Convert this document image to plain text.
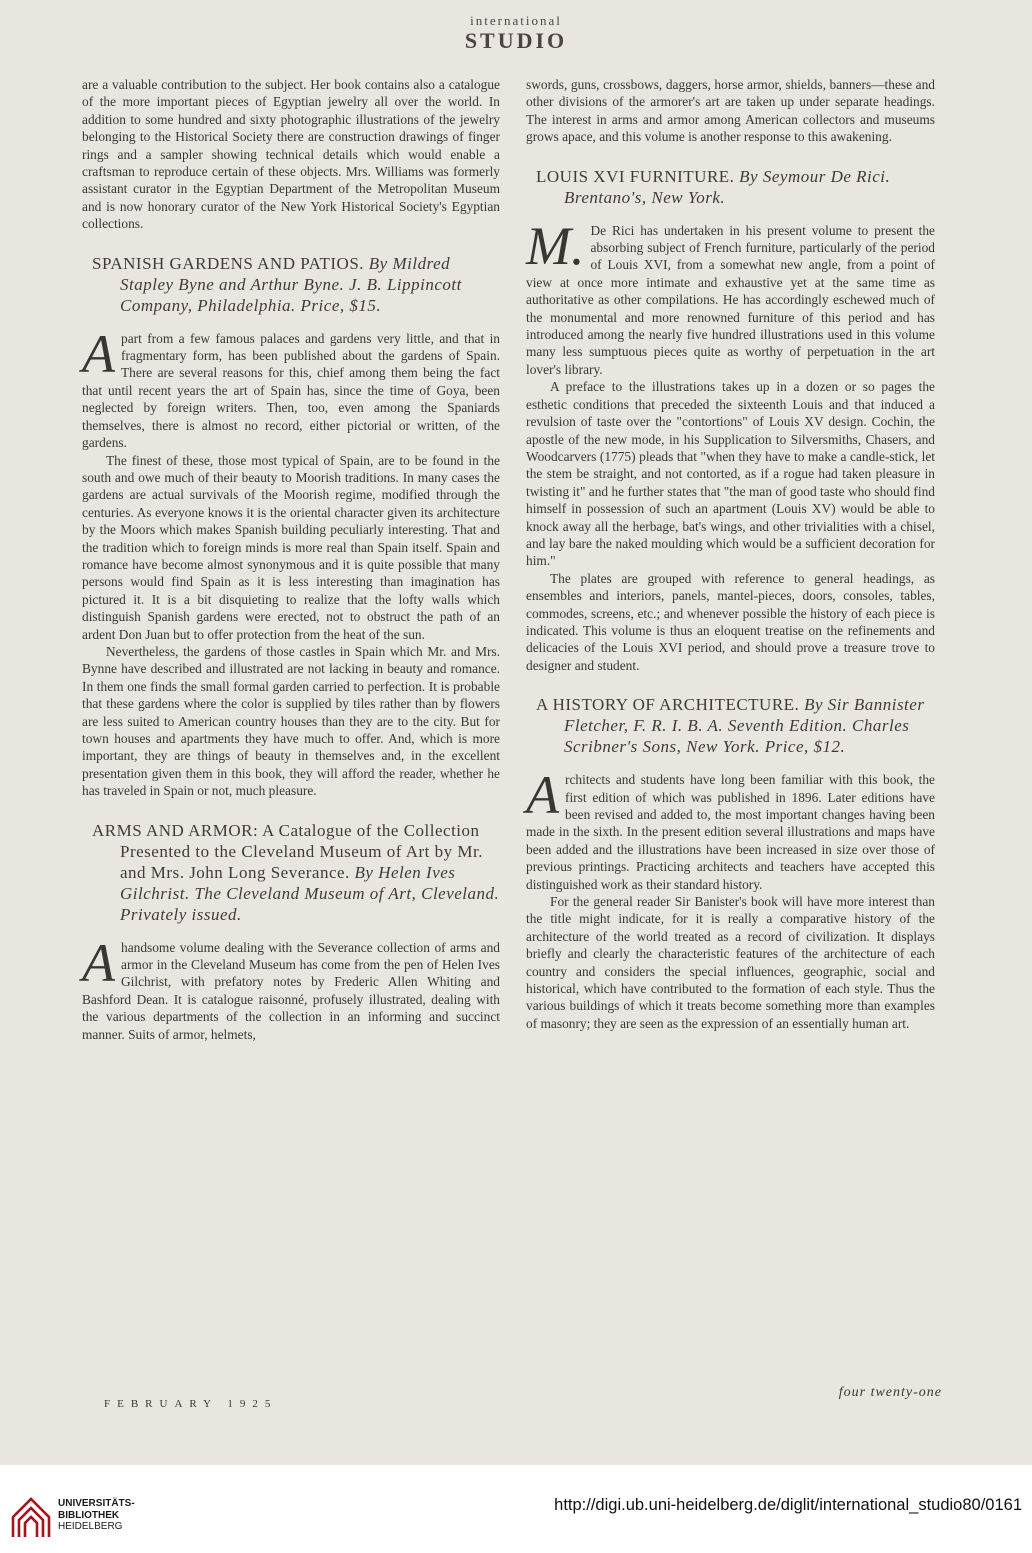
international
STUDIO

are a valuable contribution to the subject. Her book contains also a catalogue of the more important pieces of Egyptian jewelry all over the world. In addition to some hundred and sixty photographic illustrations of the jewelry belonging to the Historical Society there are construction drawings of finger rings and a sampler showing technical details which would enable a craftsman to reproduce certain of these objects. Mrs. Williams was formerly assistant curator in the Egyptian Department of the Metropolitan Museum and is now honorary curator of the New York Historical Society's Egyptian collections.

SPANISH GARDENS AND PATIOS. By Mildred Stapley Byne and Arthur Byne. J. B. Lippincott Company, Philadelphia. Price, $15.

Apart from a few famous palaces and gardens very little, and that in fragmentary form, has been published about the gardens of Spain. There are several reasons for this, chief among them being the fact that until recent years the art of Spain has, since the time of Goya, been neglected by foreign writers. Then, too, even among the Spaniards themselves, there is almost no record, either pictorial or written, of the gardens.

The finest of these, those most typical of Spain, are to be found in the south and owe much of their beauty to Moorish traditions. In many cases the gardens are actual survivals of the Moorish regime, modified through the centuries. As everyone knows it is the oriental character given its architecture by the Moors which makes Spanish building peculiarly interesting. That and the tradition which to foreign minds is more real than Spain itself. Spain and romance have become almost synonymous and it is quite possible that many persons would find Spain as it is less interesting than imagination has pictured it. It is a bit disquieting to realize that the lofty walls which distinguish Spanish gardens were erected, not to obstruct the path of an ardent Don Juan but to offer protection from the heat of the sun.

Nevertheless, the gardens of those castles in Spain which Mr. and Mrs. Bynne have described and illustrated are not lacking in beauty and romance. In them one finds the small formal garden carried to perfection. It is probable that these gardens where the color is supplied by tiles rather than by flowers are less suited to American country houses than they are to the city. But for town houses and apartments they have much to offer. And, which is more important, they are things of beauty in themselves and, in the excellent presentation given them in this book, they will afford the reader, whether he has traveled in Spain or not, much pleasure.

ARMS AND ARMOR: A Catalogue of the Collection Presented to the Cleveland Museum of Art by Mr. and Mrs. John Long Severance. By Helen Ives Gilchrist. The Cleveland Museum of Art, Cleveland. Privately issued.

Ahandsome volume dealing with the Severance collection of arms and armor in the Cleveland Museum has come from the pen of Helen Ives Gilchrist, with prefatory notes by Frederic Allen Whiting and Bashford Dean. It is catalogue raisonné, profusely illustrated, dealing with the various departments of the collection in an informing and succinct manner. Suits of armor, helmets,

swords, guns, crossbows, daggers, horse armor, shields, banners—these and other divisions of the armorer's art are taken up under separate headings. The interest in arms and armor among American collectors and museums grows apace, and this volume is another response to this awakening.

LOUIS XVI FURNITURE. By Seymour De Rici. Brentano's, New York.

M. De Rici has undertaken in his present volume to present the absorbing subject of French furniture, particularly of the period of Louis XVI, from a somewhat new angle, from a point of view at once more intimate and exhaustive yet at the same time as authoritative as other compilations. He has accordingly eschewed much of the monumental and more renowned furniture of this period and has introduced among the nearly five hundred illustrations used in this volume many less sumptuous pieces quite as worthy of perpetuation in the art lover's library.

A preface to the illustrations takes up in a dozen or so pages the esthetic conditions that preceded the sixteenth Louis and that induced a revulsion of taste over the "contortions" of Louis XV design. Cochin, the apostle of the new mode, in his Supplication to Silversmiths, Chasers, and Woodcarvers (1775) pleads that "when they have to make a candle-stick, let the stem be straight, and not contorted, as if a rogue had taken pleasure in twisting it" and he further states that "the man of good taste who should find himself in possession of such an apartment (Louis XV) would be able to knock away all the herbage, bat's wings, and other trivialities with a chisel, and lay bare the naked moulding which would be a sufficient decoration for him."

The plates are grouped with reference to general headings, as ensembles and interiors, panels, mantel-pieces, doors, consoles, tables, commodes, screens, etc.; and whenever possible the history of each piece is indicated. This volume is thus an eloquent treatise on the refinements and delicacies of the Louis XVI period, and should prove a treasure trove to designer and student.

A HISTORY OF ARCHITECTURE. By Sir Bannister Fletcher, F. R. I. B. A. Seventh Edition. Charles Scribner's Sons, New York. Price, $12.

Architects and students have long been familiar with this book, the first edition of which was published in 1896. Later editions have been revised and added to, the most important changes having been made in the sixth. In the present edition several illustrations and maps have been added and the illustrations have been increased in size over those of previous printings. Practicing architects and teachers have accepted this distinguished work as their standard history.

For the general reader Sir Banister's book will have more interest than the title might indicate, for it is really a comparative history of the architecture of the world treated as a record of civilization. It displays briefly and clearly the characteristic features of the architecture of each country and considers the special influences, geographic, social and historical, which have contributed to the formation of each style. Thus the various buildings of which it treats become something more than examples of masonry; they are seen as the expression of an essentially human art.

FEBRUARY 1925
four twenty-one
UNIVERSITÄTS-
BIBLIOTHEK
HEIDELBERG
http://digi.ub.uni-heidelberg.de/diglit/international_studio80/0161
